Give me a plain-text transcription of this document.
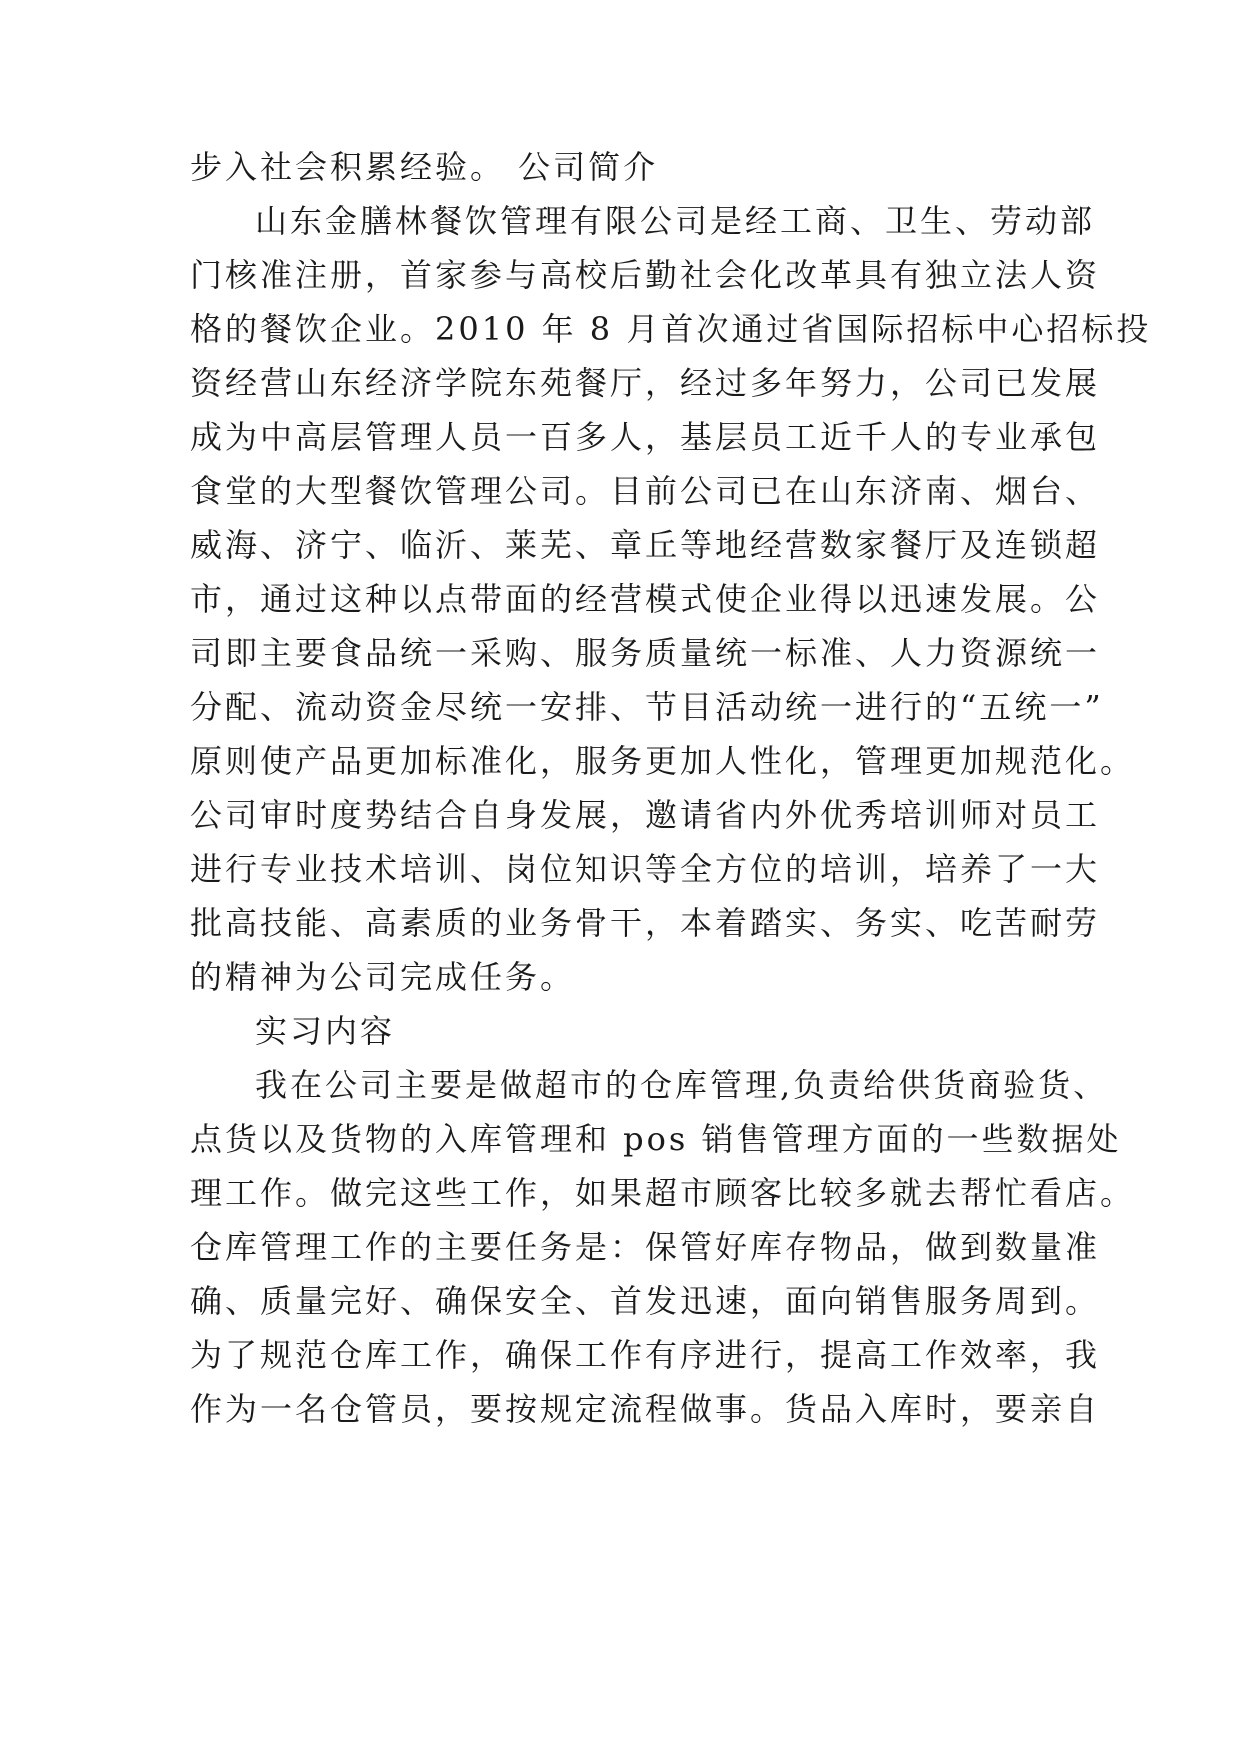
步入社会积累经验。 公司简介

山东金膳林餐饮管理有限公司是经工商、卫生、劳动部

门核准注册，首家参与高校后勤社会化改革具有独立法人资

格的餐饮企业。2010 年 8 月首次通过省国际招标中心招标投

资经营山东经济学院东苑餐厅，经过多年努力，公司已发展

成为中高层管理人员一百多人，基层员工近千人的专业承包

食堂的大型餐饮管理公司。目前公司已在山东济南、烟台、

威海、济宁、临沂、莱芜、章丘等地经营数家餐厅及连锁超

市，通过这种以点带面的经营模式使企业得以迅速发展。公

司即主要食品统一采购、服务质量统一标准、人力资源统一

分配、流动资金尽统一安排、节目活动统一进行的“五统一”

原则使产品更加标准化，服务更加人性化，管理更加规范化。

公司审时度势结合自身发展，邀请省内外优秀培训师对员工

进行专业技术培训、岗位知识等全方位的培训，培养了一大

批高技能、高素质的业务骨干，本着踏实、务实、吃苦耐劳

的精神为公司完成任务。

实习内容

我在公司主要是做超市的仓库管理,负责给供货商验货、

点货以及货物的入库管理和 pos 销售管理方面的一些数据处

理工作。做完这些工作，如果超市顾客比较多就去帮忙看店。

仓库管理工作的主要任务是：保管好库存物品，做到数量准

确、质量完好、确保安全、首发迅速，面向销售服务周到。

为了规范仓库工作，确保工作有序进行，提高工作效率，我

作为一名仓管员，要按规定流程做事。货品入库时，要亲自
